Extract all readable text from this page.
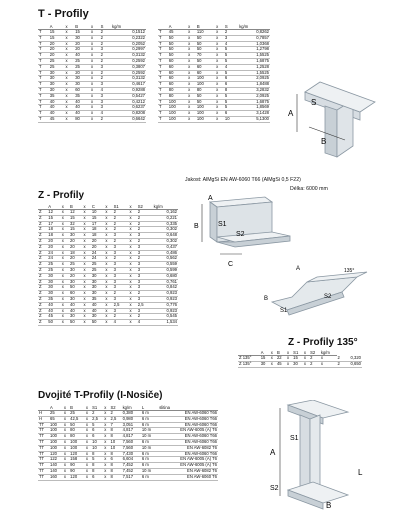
T - Profily
	A	x	B	x	S	kg/m
T	15	x	15	x	2	0,1512
T	15	x	30	x	2	0,2322
T	20	x	20	x	2	0,2052
T	20	x	20	x	3	0,2997
T	20	x	40	x	2	0,3132
T	25	x	25	x	2	0,2592
T	25	x	25	x	3	0,3807
T	30	x	20	x	2	0,2592
T	30	x	30	x	2	0,3132
T	30	x	30	x	3	0,4617
T	30	x	60	x	4	0,9288
T	35	x	35	x	3	0,5427
T	40	x	40	x	3	0,4212
T	40	x	40	x	3	0,6237
T	40	x	40	x	4	0,8208
T	45	x	80	x	2	0,6642
	A	x	B	x	S	kg/m
T	45	x	110	x	2	0,8262
T	50	x	50	x	3	0,7857
T	50	x	50	x	4	1,0368
T	50	x	50	x	5	1,2798
T	50	x	70	x	5	1,5525
T	60	x	50	x	5	1,6875
T	60	x	60	x	4	1,2528
T	60	x	60	x	5	1,5525
T	60	x	100	x	6	2,0925
T	60	x	100	x	6	1,8488
T	80	x	80	x	8	3,2832
T	80	x	50	x	5	2,0925
T	100	x	50	x	5	1,6875
T	100	x	100	x	5	1,8569
T	100	x	100	x	6	3,1428
T	100	x	100	x	10	5,1300
A
S
B
Jakost: AlMgSi EN AW-6060 T66 (AlMgSi 0,5 F22)
Délka: 6000 mm
Z - Profily
	A	x	B	x	C	x	S1	x	S2	kg/m
Z	12	x	12	x	10	x	2	x	2	0,162
Z	15	x	15	x	15	x	2	x	2	0,221
Z	17	x	32	x	17	x	2	x	2	0,335
Z	18	x	15	x	18	x	2	x	2	0,302
Z	18	x	30	x	18	x	3	x	3	0,648
Z	20	x	20	x	20	x	2	x	2	0,302
Z	20	x	20	x	20	x	3	x	3	0,437
Z	24	x	18	x	24	x	3	x	3	0,486
Z	24	x	20	x	24	x	2	x	2	0,562
Z	25	x	25	x	25	x	3	x	3	0,559
Z	25	x	30	x	25	x	3	x	3	0,599
Z	30	x	20	x	30	x	3	x	3	0,680
Z	30	x	30	x	30	x	3	x	3	0,761
Z	30	x	50	x	30	x	3	x	3	0,842
Z	30	x	60	x	30	x	2	x	2	0,923
Z	35	x	30	x	35	x	3	x	3	0,923
Z	40	x	40	x	40	x	2,5	x	2,5	0,776
Z	40	x	40	x	40	x	3	x	3	0,923
Z	45	x	30	x	30	x	2	x	2	0,545
Z	50	x	50	x	50	x	4	x	4	1,534
A
B	S1
S2
C
135°
A
B
S1
S2
Z - Profily 135°
	A	x	B	x	S1	x	S2	kg/m		
Z 135°	15	x	22	x	15	x	2	x	2	0,320
Z 135°	30	x	45	x	30	x	2	x	2	0,650
Dvojité T-Profily (I-Nosiče)
	A	x	B	x	S1	x	S2	kg/m	L	slitina
H	25	x	25	x	2	x	2	0,380	6 m	EN AW-6060 T66
H	65	x	42,5	x	2,5	x	2,5	0,980	6 m	EN AW-6060 T66
TT	100	x	50	x	5	x	7	3,051	6 m	EN AW-6060 T66
TT	100	x	80	x	6	x	8	4,817	10 m	EN AW-6005 (A) T6
TT	100	x	80	x	6	x	8	4,817	10 m	EN AW-6060 T66
TT	100	x	100	x	10	x	10	7,560	6 m	EN AW-6060 T66
TT	100	x	100	x	10	x	10	7,560	10 m	EN AW-6082 T6
TT	120	x	120	x	8	x	8	7,430	6 m	EN AW-6060 T66
TT	122	x	158	x	5	x	6	6,604	6 m	EN AW-6005 (A) T6
TT	140	x	90	x	8	x	8	7,452	6 m	EN AW-6005 (A) T6
TT	140	x	90	x	8	x	8	7,452	10 m	EN AW-6082 T6
TT	160	x	120	x	6	x	8	7,517	6 m	EN AW-6060 T6
A
S1
S2
B
L
